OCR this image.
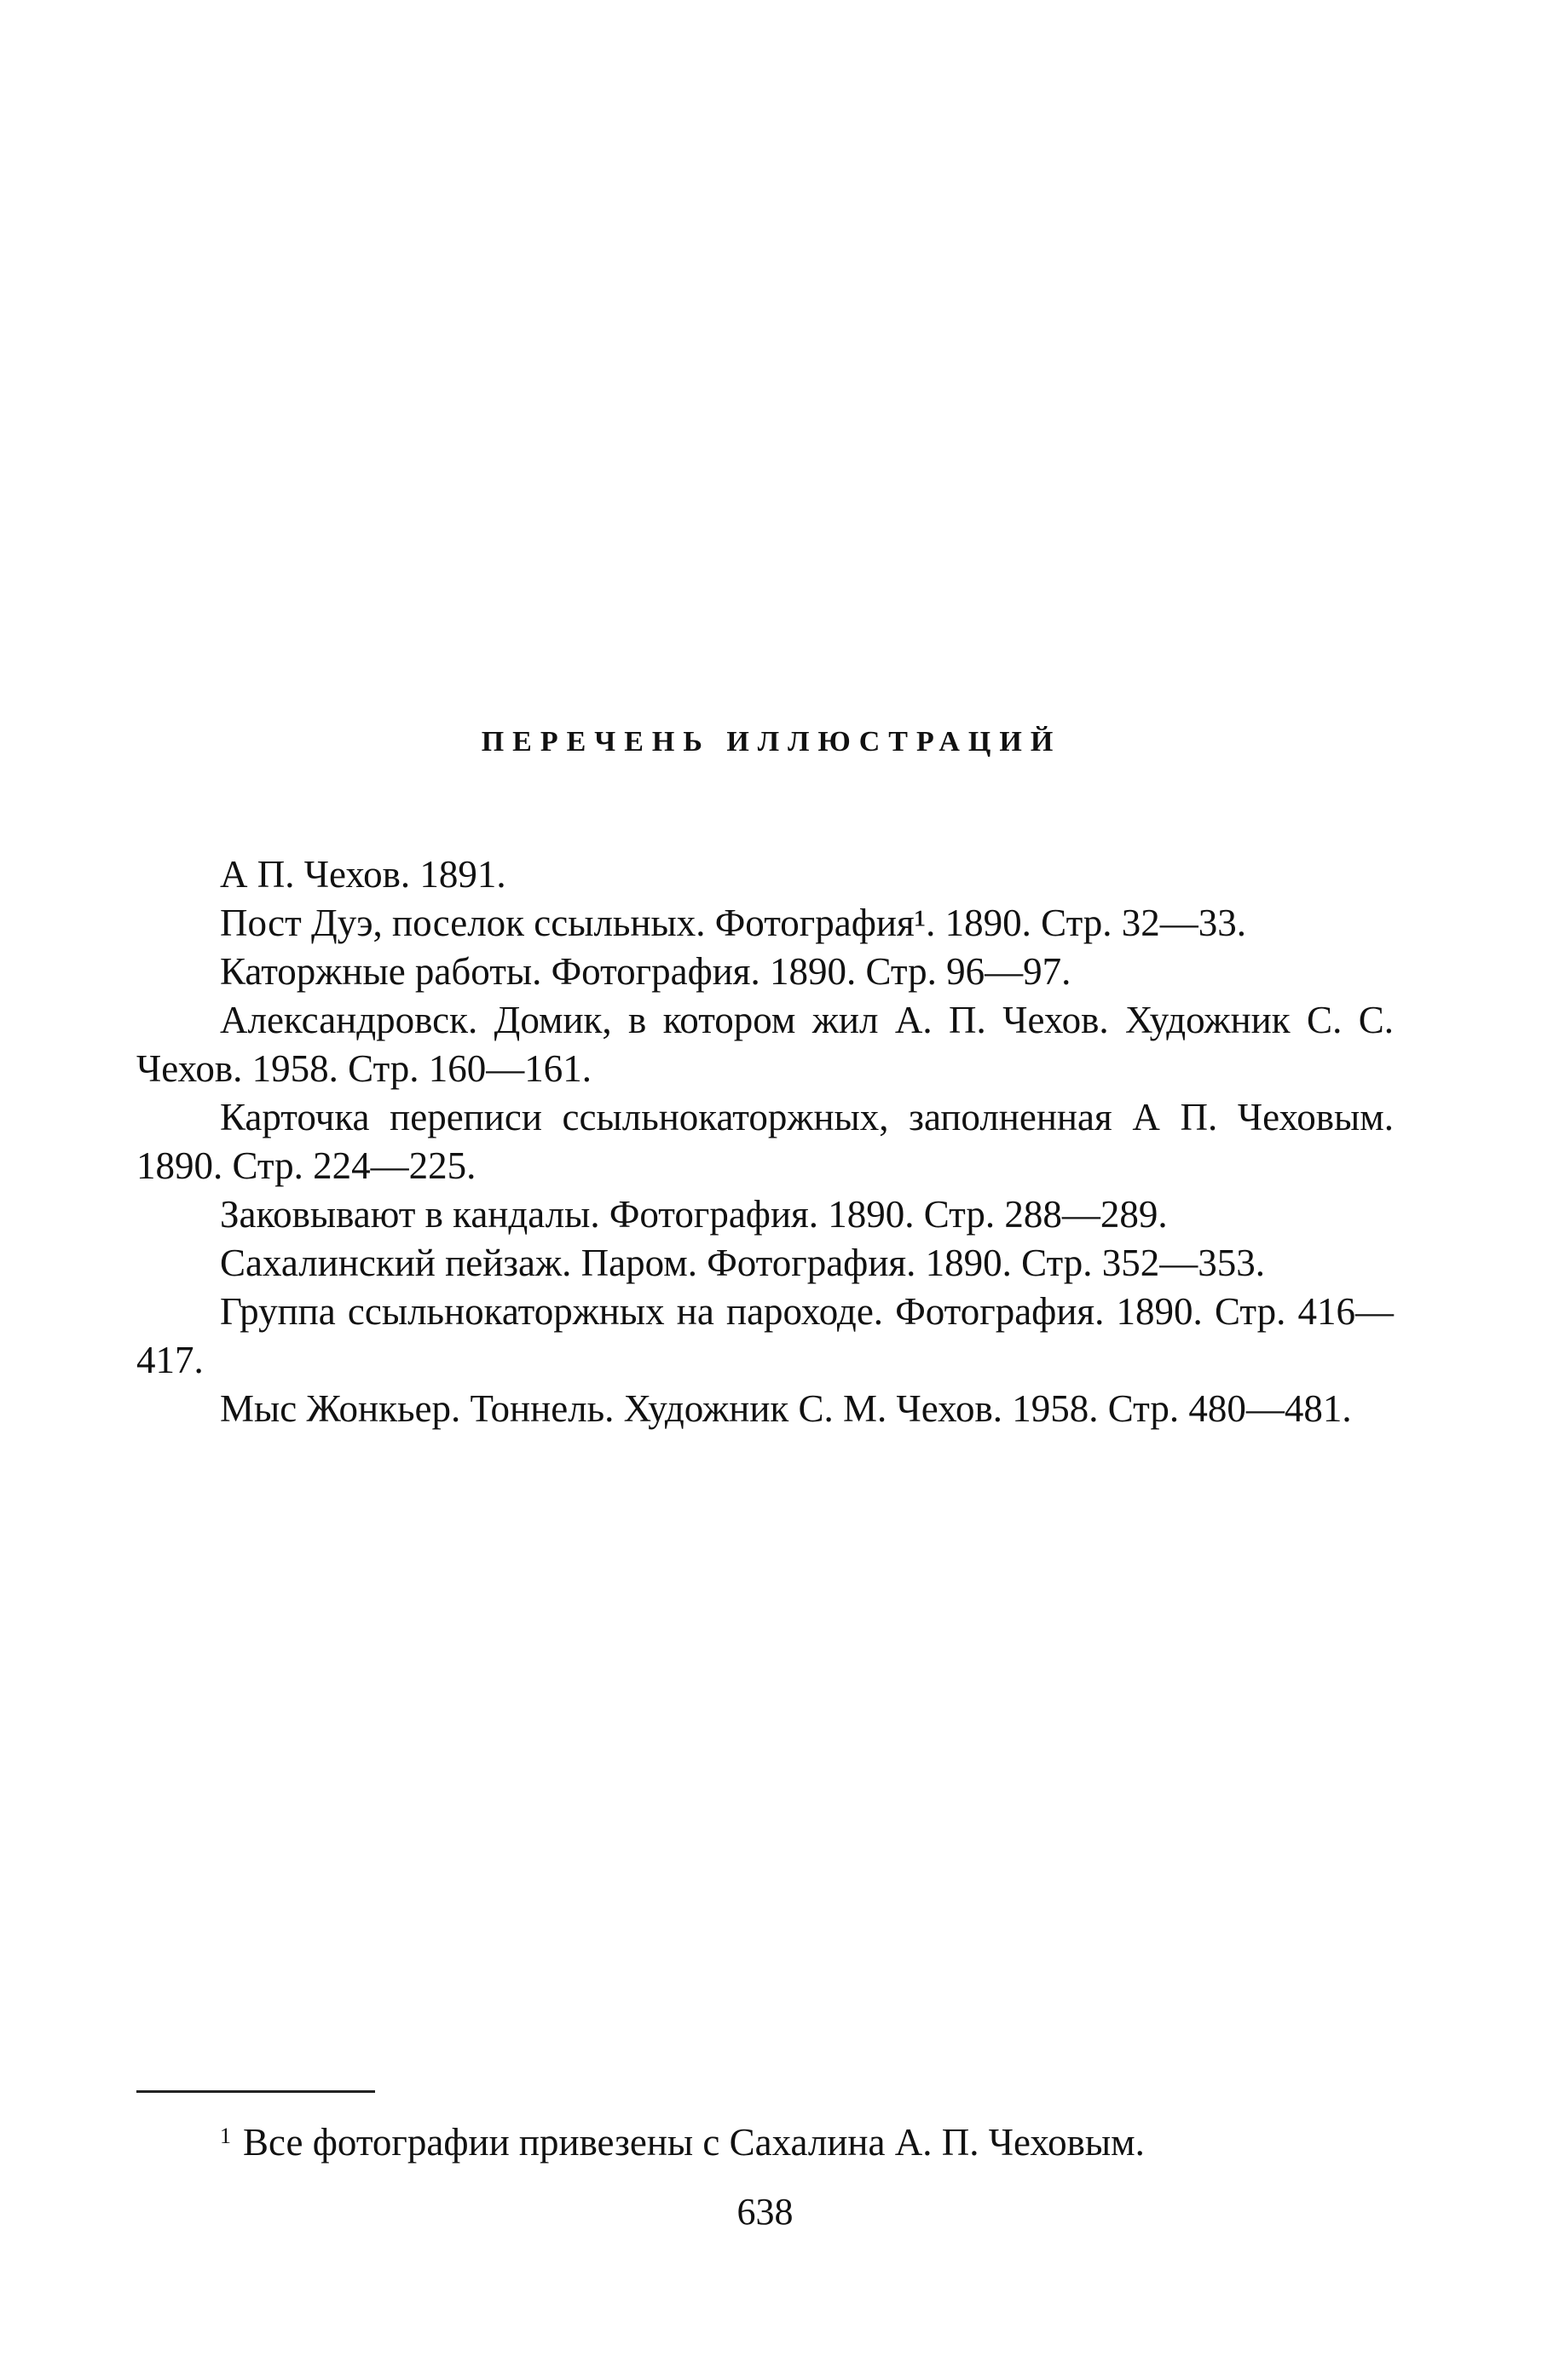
ПЕРЕЧЕНЬ ИЛЛЮСТРАЦИЙ
А П. Чехов. 1891.
Пост Дуэ, поселок ссыльных. Фотография¹. 1890. Стр. 32—33.
Каторжные работы. Фотография. 1890. Стр. 96—97.
Александровск. Домик, в котором жил А. П. Чехов. Художник С. С. Чехов. 1958. Стр. 160—161.
Карточка переписи ссыльнокаторжных, заполненная А П. Чеховым. 1890. Стр. 224—225.
Заковывают в кандалы. Фотография. 1890. Стр. 288—289.
Сахалинский пейзаж. Паром. Фотография. 1890. Стр. 352—353.
Группа ссыльнокаторжных на пароходе. Фотография. 1890. Стр. 416—417.
Мыс Жонкьер. Тоннель. Художник С. М. Чехов. 1958. Стр. 480—481.

$^1$ Все фотографии привезены с Сахалина А. П. Чеховым.

638
